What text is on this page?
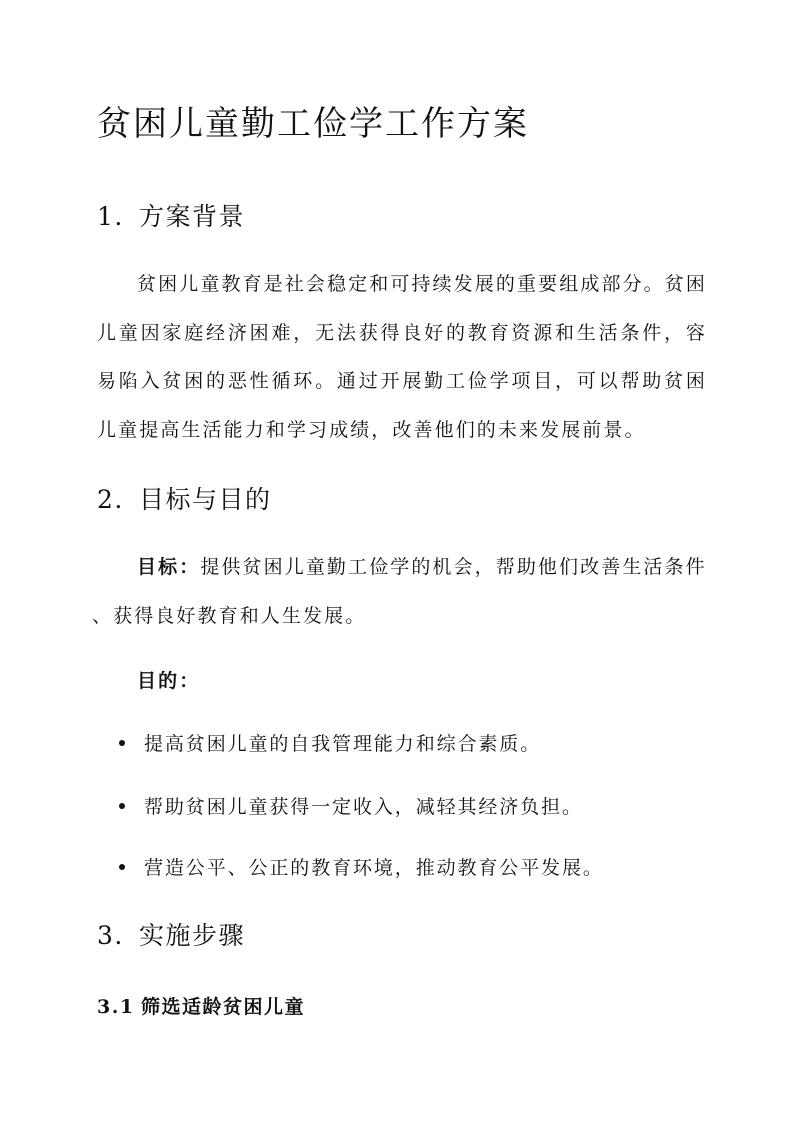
贫困儿童勤工俭学工作方案
1. 方案背景

贫困儿童教育是社会稳定和可持续发展的重要组成部分。贫困儿童因家庭经济困难，无法获得良好的教育资源和生活条件，容易陷入贫困的恶性循环。通过开展勤工俭学项目，可以帮助贫困儿童提高生活能力和学习成绩，改善他们的未来发展前景。

2. 目标与目的

目标：提供贫困儿童勤工俭学的机会，帮助他们改善生活条件

、获得良好教育和人生发展。

目的：

提高贫困儿童的自我管理能力和综合素质。
帮助贫困儿童获得一定收入，减轻其经济负担。
营造公平、公正的教育环境，推动教育公平发展。
3. 实施步骤
3.1 筛选适龄贫困儿童
